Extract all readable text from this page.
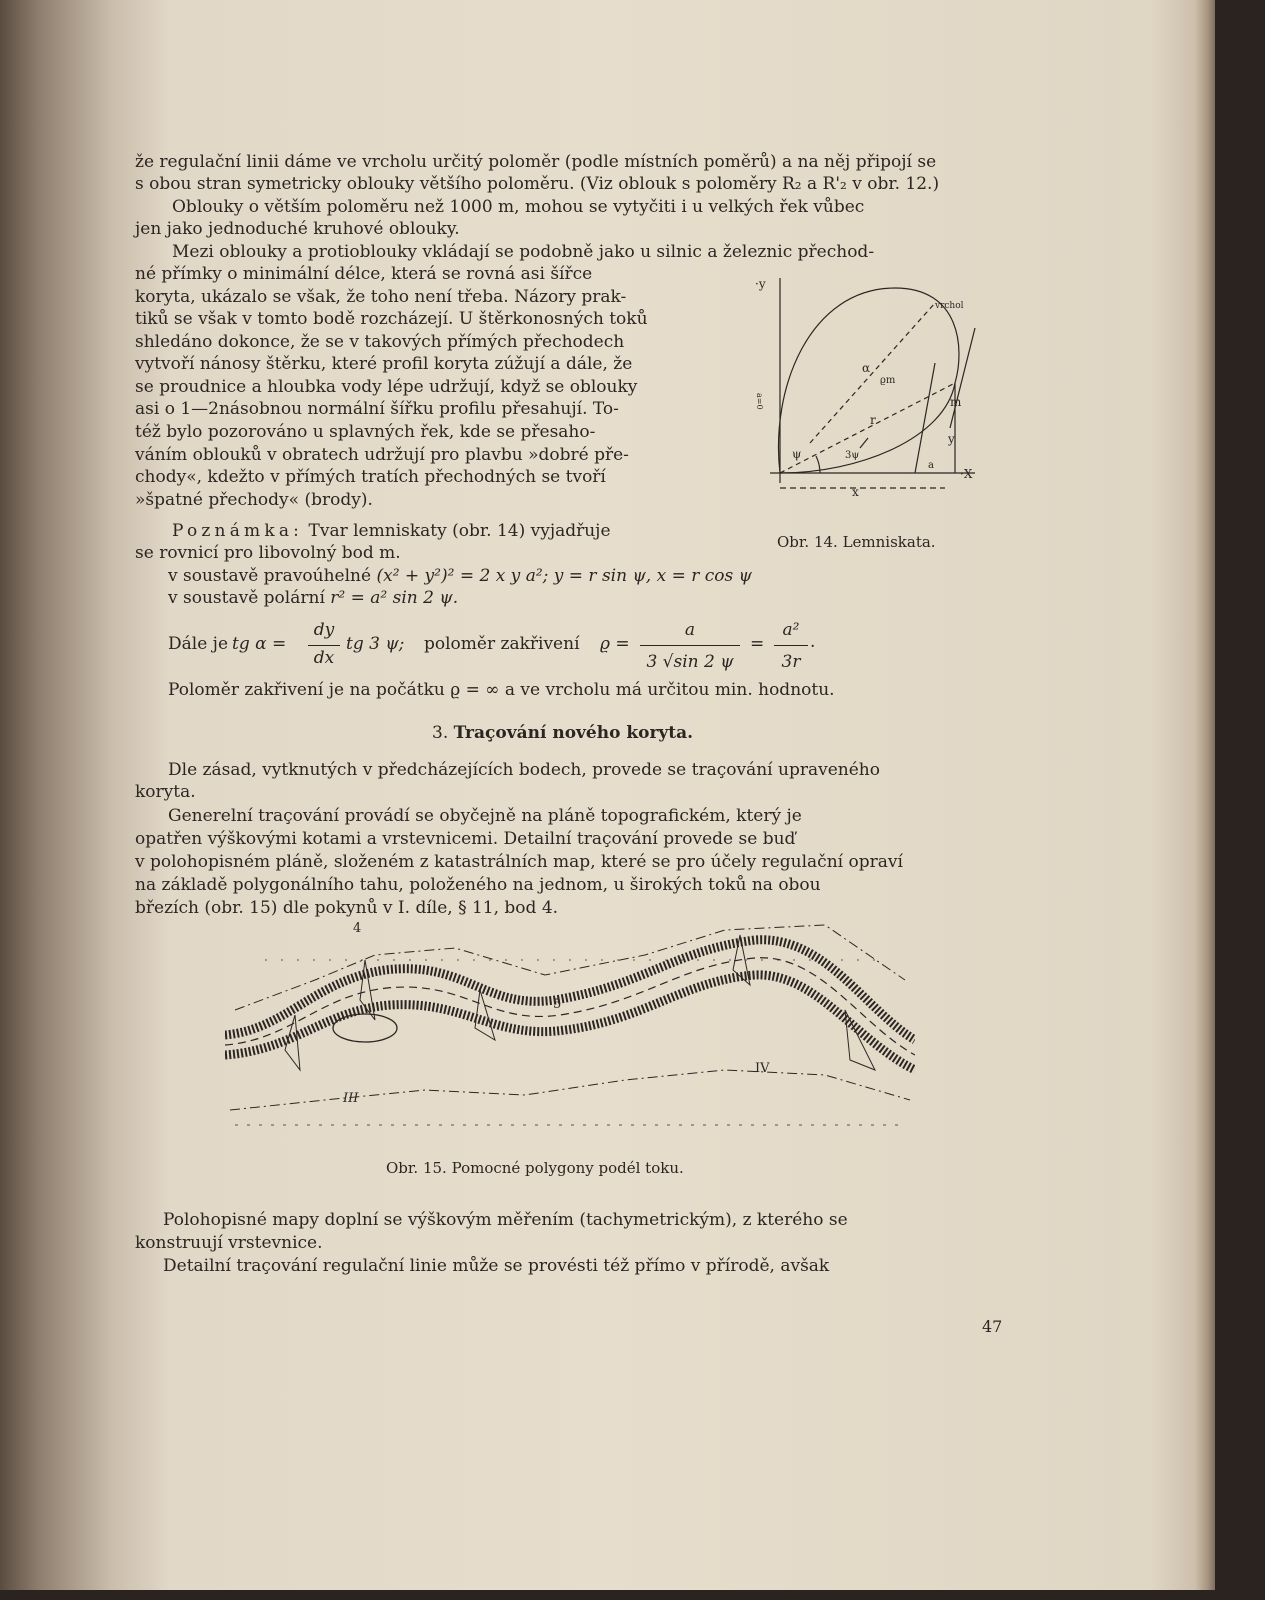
že regulační linii dáme ve vrcholu určitý poloměr (podle místních poměrů) a na něj připojí se
s obou stran symetricky oblouky většího poloměru. (Viz oblouk s poloměry R₂ a R'₂ v obr. 12.)
Oblouky o větším poloměru než 1000 m, mohou se vytyčiti i u velkých řek vůbec
jen jako jednoduché kruhové oblouky.
Mezi oblouky a protioblouky vkládají se podobně jako u silnic a železnic přechod-
né přímky o minimální délce, která se rovná asi šířce
koryta, ukázalo se však, že toho není třeba. Názory prak-
tiků se však v tomto bodě rozcházejí. U štěrkonosných toků
shledáno dokonce, že se v takových přímých přechodech
vytvoří nánosy štěrku, které profil koryta zúžují a dále, že
se proudnice a hloubka vody lépe udržují, když se oblouky
asi o 1—2násobnou normální šířku profilu přesahují. To-
též bylo pozorováno u splavných řek, kde se přesaho-
váním oblouků v obratech udržují pro plavbu »dobré pře-
chody«, kdežto v přímých tratích přechodných se tvoří
»špatné přechody« (brody).
·y
·X
vrchol
m
r
x
y
α
ϱm
ψ	3ψ
a
a=0
Poznámka: Tvar lemniskaty (obr. 14) vyjadřuje
Obr. 14. Lemniskata.
se rovnicí pro libovolný bod m.
v soustavě pravoúhelné (x² + y²)² = 2 x y a²; y = r sin ψ, x = r cos ψ
v soustavě polární r² = a² sin 2 ψ.
Dále je tg α =
dy
dx
tg 3 ψ; poloměr zakřivení ϱ =
a
3 √sin 2 ψ
=
a²
3r
.
Poloměr zakřivení je na počátku ϱ = ∞ a ve vrcholu má určitou min. hodnotu.
3. Traçování nového koryta.
Dle zásad, vytknutých v předcházejících bodech, provede se traçování upraveného
koryta.
Generelní traçování provádí se obyčejně na pláně topografickém, který je
opatřen výškovými kotami a vrstevnicemi. Detailní traçování provede se buď
v polohopisném pláně, složeném z katastrálních map, které se pro účely regulační opraví
na základě polygonálního tahu, položeného na jednom, u širokých toků na obou
březích (obr. 15) dle pokynů v I. díle, § 11, bod 4.
4
5
III
IV
Obr. 15. Pomocné polygony podél toku.
Polohopisné mapy doplní se výškovým měřením (tachymetrickým), z kterého se
konstruují vrstevnice.
Detailní traçování regulační linie může se provésti též přímo v přírodě, avšak
47
